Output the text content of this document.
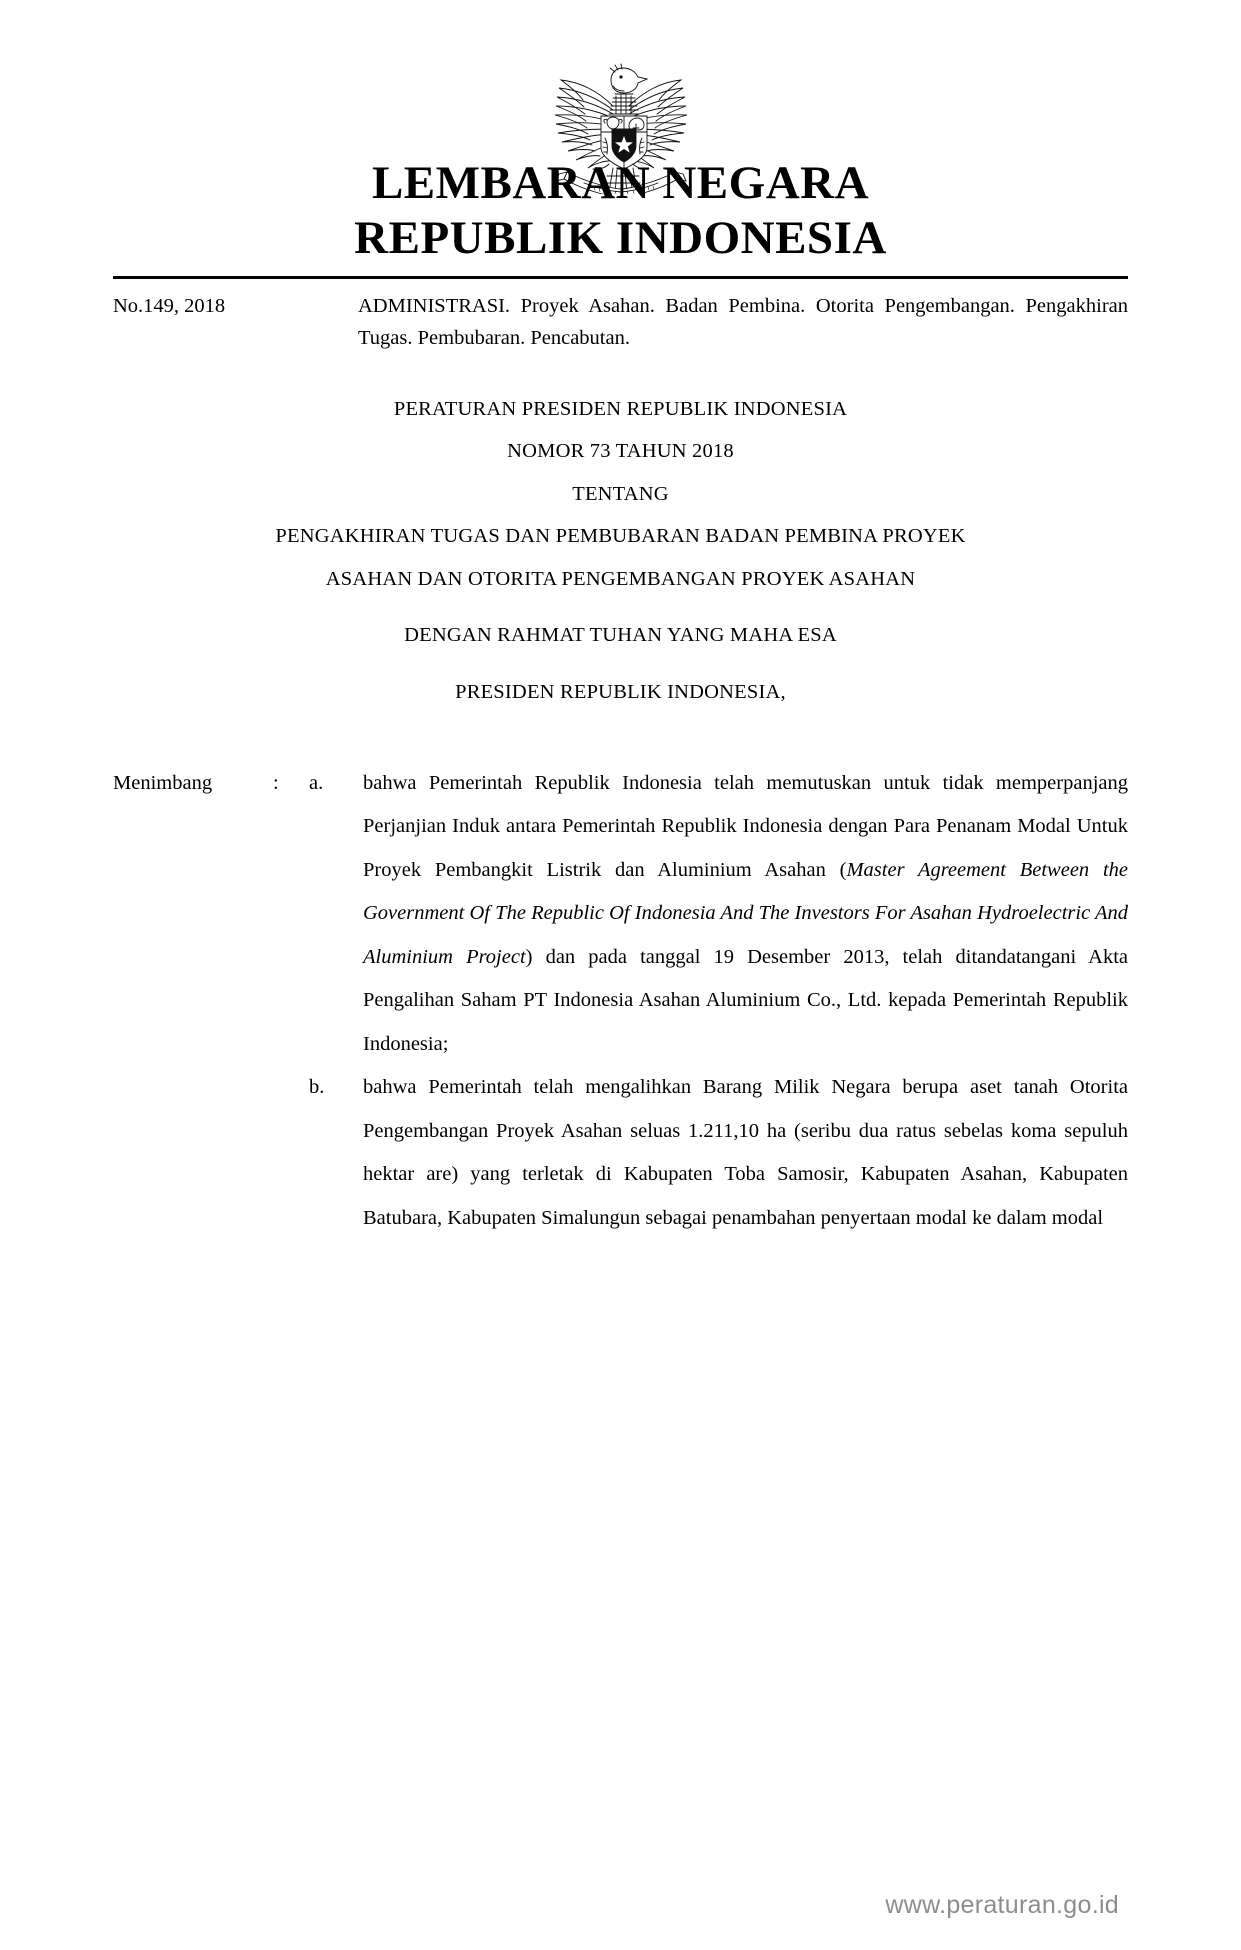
LEMBARAN NEGARA
REPUBLIK INDONESIA
No.149, 2018	ADMINISTRASI. Proyek Asahan. Badan Pembina. Otorita Pengembangan. Pengakhiran Tugas. Pembubaran. Pencabutan.

PERATURAN PRESIDEN REPUBLIK INDONESIA
NOMOR 73 TAHUN 2018
TENTANG
PENGAKHIRAN TUGAS DAN PEMBUBARAN BADAN PEMBINA PROYEK
ASAHAN DAN OTORITA PENGEMBANGAN PROYEK ASAHAN
DENGAN RAHMAT TUHAN YANG MAHA ESA
PRESIDEN REPUBLIK INDONESIA,
Menimbang	:	a.	bahwa Pemerintah Republik Indonesia telah memutuskan untuk tidak memperpanjang Perjanjian Induk antara Pemerintah Republik Indonesia dengan Para Penanam Modal Untuk Proyek Pembangkit Listrik dan Aluminium Asahan (Master Agreement Between the Government Of The Republic Of Indonesia And The Investors For Asahan Hydroelectric And Aluminium Project) dan pada tanggal 19 Desember 2013, telah ditandatangani Akta Pengalihan Saham PT Indonesia Asahan Aluminium Co., Ltd. kepada Pemerintah Republik Indonesia;
b.	bahwa Pemerintah telah mengalihkan Barang Milik Negara berupa aset tanah Otorita Pengembangan Proyek Asahan seluas 1.211,10 ha (seribu dua ratus sebelas koma sepuluh hektar are) yang terletak di Kabupaten Toba Samosir, Kabupaten Asahan, Kabupaten Batubara, Kabupaten Simalungun sebagai penambahan penyertaan modal ke dalam modal
www.peraturan.go.id
